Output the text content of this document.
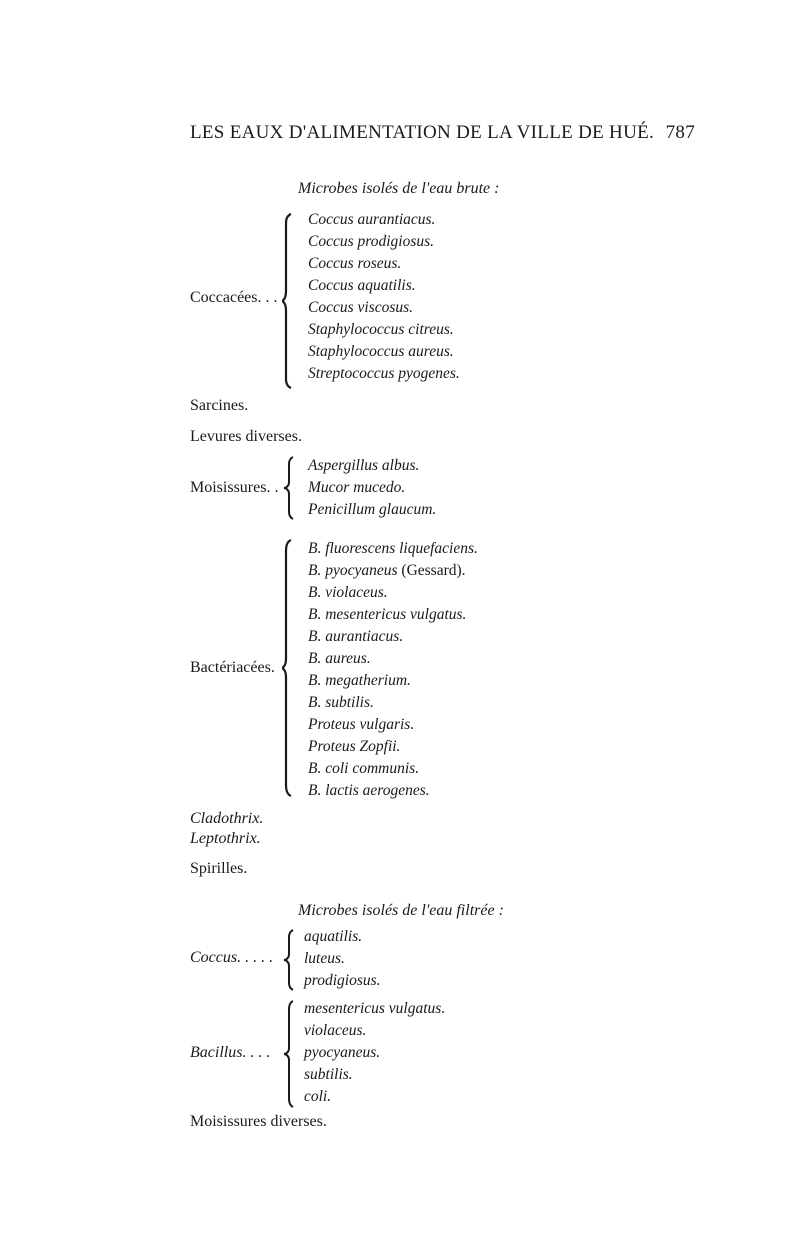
LES EAUX D'ALIMENTATION DE LA VILLE DE HUÉ. 787
Microbes isolés de l'eau brute :
Coccacées. . .
Coccus aurantiacus.
Coccus prodigiosus.
Coccus roseus.
Coccus aquatilis.
Coccus viscosus.
Staphylococcus citreus.
Staphylococcus aureus.
Streptococcus pyogenes.
Sarcines.
Levures diverses.
Moisissures. .
Aspergillus albus.
Mucor mucedo.
Penicillum glaucum.
Bactériacées.
B. fluorescens liquefaciens.
B. pyocyaneus (Gessard).
B. violaceus.
B. mesentericus vulgatus.
B. aurantiacus.
B. aureus.
B. megatherium.
B. subtilis.
Proteus vulgaris.
Proteus Zopfii.
B. coli communis.
B. lactis aerogenes.
Cladothrix.
Leptothrix.
Spirilles.
Microbes isolés de l'eau filtrée :
Coccus. . . . .
aquatilis.
luteus.
prodigiosus.
Bacillus. . . .
mesentericus vulgatus.
violaceus.
pyocyaneus.
subtilis.
coli.
Moisissures diverses.
